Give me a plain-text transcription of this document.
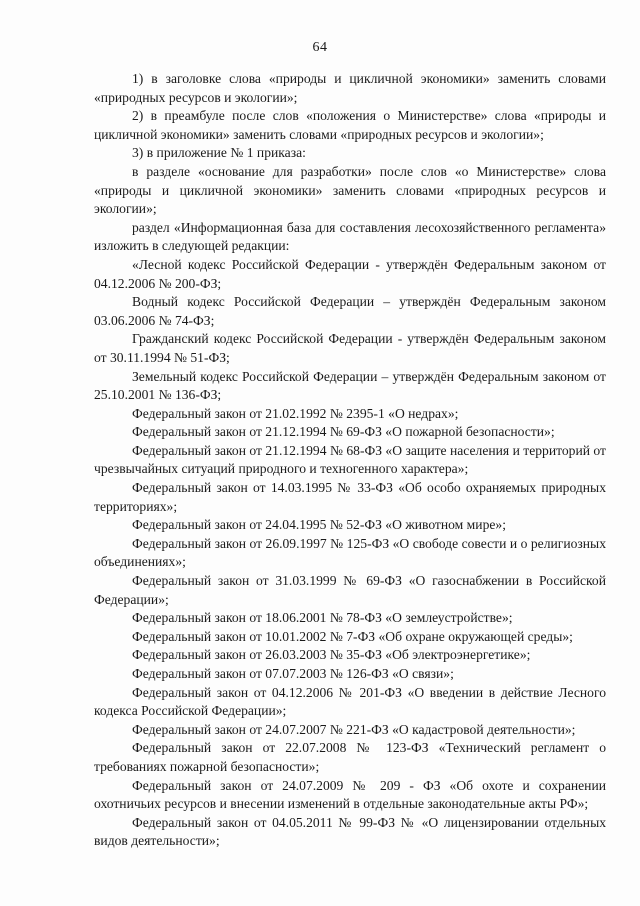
64

1) в заголовке слова «природы и цикличной экономики» заменить словами «природных ресурсов и экологии»;

2) в преамбуле после слов «положения о Министерстве» слова «природы и цикличной экономики» заменить словами «природных ресурсов и экологии»;

3) в приложение № 1 приказа:

в разделе «основание для разработки» после слов «о Министерстве» слова «природы и цикличной экономики» заменить словами «природных ресурсов и экологии»;

раздел «Информационная база для составления лесохозяйственного регламента» изложить в следующей редакции:

«Лесной кодекс Российской Федерации - утверждён Федеральным законом от 04.12.2006 № 200-ФЗ;

Водный кодекс Российской Федерации – утверждён Федеральным законом 03.06.2006 № 74-ФЗ;

Гражданский кодекс Российской Федерации - утверждён Федеральным законом от 30.11.1994 № 51-ФЗ;

Земельный кодекс Российской Федерации – утверждён Федеральным законом от 25.10.2001 № 136-ФЗ;

Федеральный закон от 21.02.1992 № 2395-1 «О недрах»;

Федеральный закон от 21.12.1994 № 69-ФЗ «О пожарной безопасности»;

Федеральный закон от 21.12.1994 № 68-ФЗ «О защите населения и территорий от чрезвычайных ситуаций природного и техногенного характера»;

Федеральный закон от 14.03.1995 № 33-ФЗ «Об особо охраняемых природных территориях»;

Федеральный закон от 24.04.1995 № 52-ФЗ «О животном мире»;

Федеральный закон от 26.09.1997 № 125-ФЗ «О свободе совести и о религиозных объединениях»;

Федеральный закон от 31.03.1999 № 69-ФЗ «О газоснабжении в Российской Федерации»;

Федеральный закон от 18.06.2001 № 78-ФЗ «О землеустройстве»;

Федеральный закон от 10.01.2002 № 7-ФЗ «Об охране окружающей среды»;

Федеральный закон от 26.03.2003 № 35-ФЗ «Об электроэнергетике»;

Федеральный закон от 07.07.2003 № 126-ФЗ «О связи»;

Федеральный закон от 04.12.2006 № 201-ФЗ «О введении в действие Лесного кодекса Российской Федерации»;

Федеральный закон от 24.07.2007 № 221-ФЗ «О кадастровой деятельности»;

Федеральный закон от 22.07.2008 № 123-ФЗ «Технический регламент о требованиях пожарной безопасности»;

Федеральный закон от 24.07.2009 № 209 - ФЗ «Об охоте и сохранении охотничьих ресурсов и внесении изменений в отдельные законодательные акты РФ»;

Федеральный закон от 04.05.2011 № 99-ФЗ № «О лицензировании отдельных видов деятельности»;
